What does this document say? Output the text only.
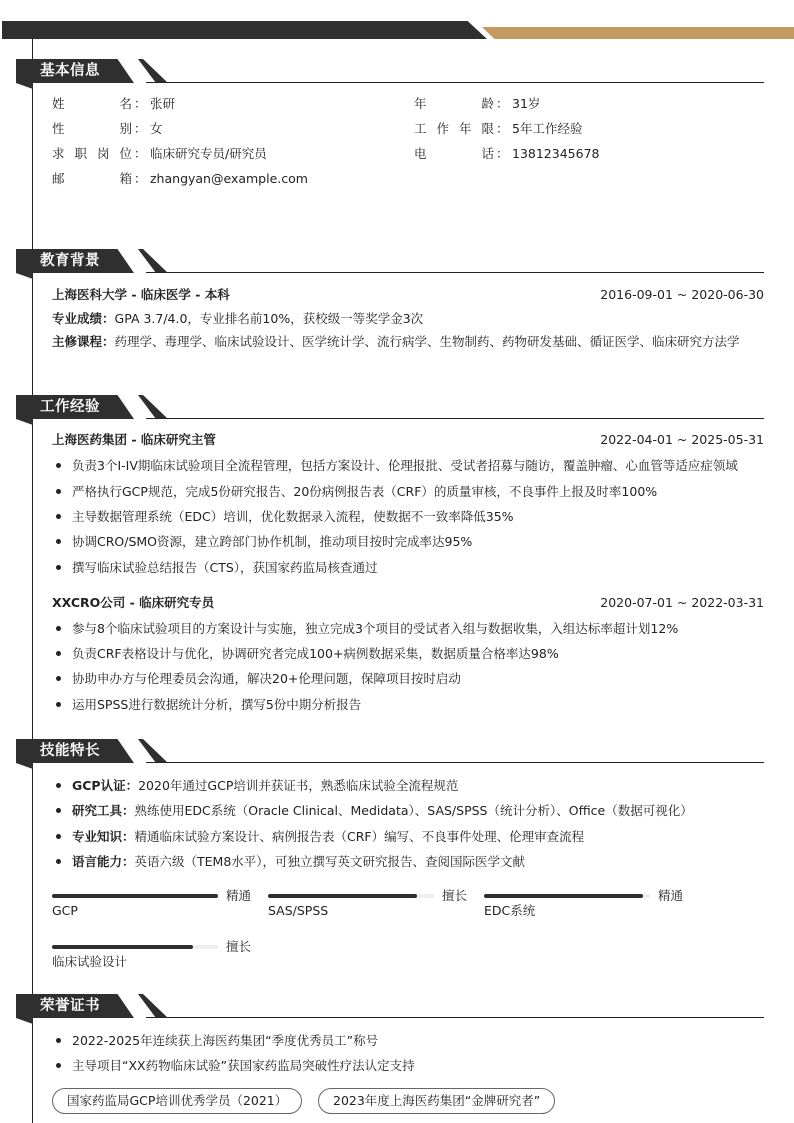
基本信息
姓名 ： 张研
性别 ： 女
求职岗位 ： 临床研究专员/研究员
邮箱 ： zhangyan@example.com
年龄 ： 31岁
工作年限 ： 5年工作经验
电话 ： 13812345678
教育背景
上海医科大学 - 临床医学 - 本科	2016-09-01 ~ 2020-06-30
专业成绩：GPA 3.7/4.0，专业排名前10%，获校级一等奖学金3次
主修课程：药理学、毒理学、临床试验设计、医学统计学、流行病学、生物制药、药物研发基础、循证医学、临床研究方法学
工作经验
上海医药集团 - 临床研究主管	2022-04-01 ~ 2025-05-31
负责3个I-IV期临床试验项目全流程管理，包括方案设计、伦理报批、受试者招募与随访，覆盖肿瘤、心血管等适应症领域
严格执行GCP规范，完成5份研究报告、20份病例报告表（CRF）的质量审核，不良事件上报及时率100%
主导数据管理系统（EDC）培训，优化数据录入流程，使数据不一致率降低35%
协调CRO/SMO资源，建立跨部门协作机制，推动项目按时完成率达95%
撰写临床试验总结报告（CTS），获国家药监局核查通过
XXCRO公司 - 临床研究专员	2020-07-01 ~ 2022-03-31
参与8个临床试验项目的方案设计与实施，独立完成3个项目的受试者入组与数据收集，入组达标率超计划12%
负责CRF表格设计与优化，协调研究者完成100+病例数据采集，数据质量合格率达98%
协助申办方与伦理委员会沟通，解决20+伦理问题，保障项目按时启动
运用SPSS进行数据统计分析，撰写5份中期分析报告
技能特长
GCP认证：2020年通过GCP培训并获证书，熟悉临床试验全流程规范
研究工具：熟练使用EDC系统（Oracle Clinical、Medidata）、SAS/SPSS（统计分析）、Office（数据可视化）
专业知识：精通临床试验方案设计、病例报告表（CRF）编写、不良事件处理、伦理审查流程
语言能力：英语六级（TEM8水平），可独立撰写英文研究报告、查阅国际医学文献
精通
GCP
擅长
SAS/SPSS
精通
EDC系统
擅长
临床试验设计
荣誉证书
2022-2025年连续获上海医药集团“季度优秀员工”称号
主导项目“XX药物临床试验”获国家药监局突破性疗法认定支持
国家药监局GCP培训优秀学员（2021）	2023年度上海医药集团“金牌研究者”
